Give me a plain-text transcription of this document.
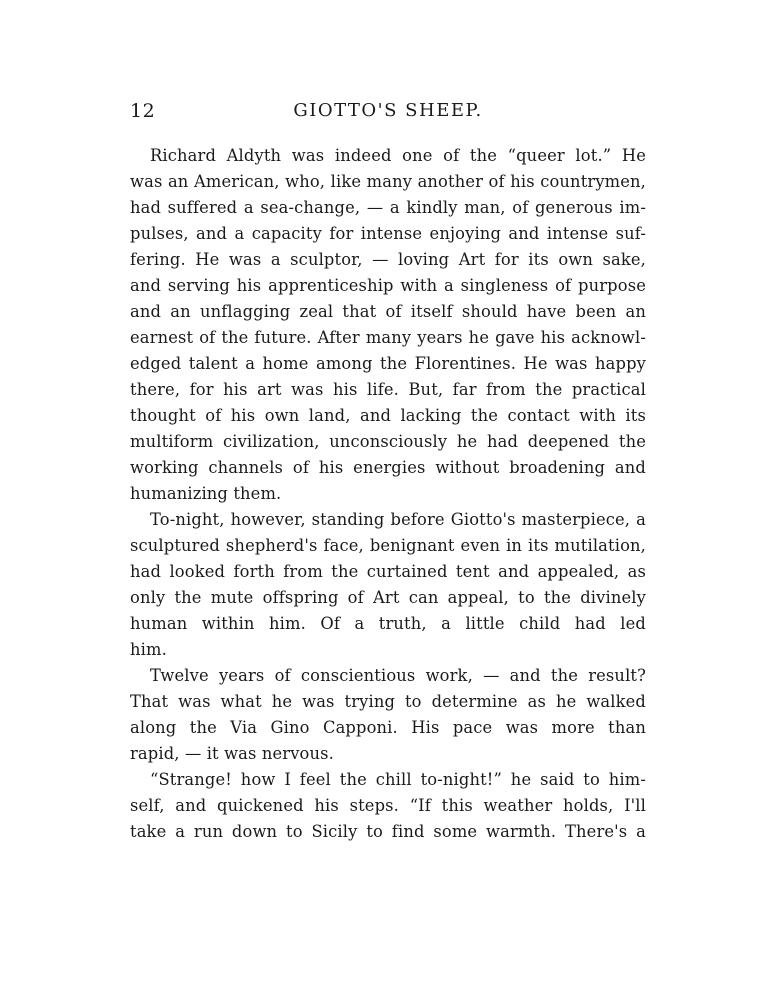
12	GIOTTO'S SHEEP.
Richard Aldyth was indeed one of the “queer lot.” He
was an American, who, like many another of his countrymen,
had suffered a sea-change, — a kindly man, of generous im-
pulses, and a capacity for intense enjoying and intense suf-
fering. He was a sculptor, — loving Art for its own sake,
and serving his apprenticeship with a singleness of purpose
and an unflagging zeal that of itself should have been an
earnest of the future. After many years he gave his acknowl-
edged talent a home among the Florentines. He was happy
there, for his art was his life. But, far from the practical
thought of his own land, and lacking the contact with its
multiform civilization, unconsciously he had deepened the
working channels of his energies without broadening and
humanizing them.
To-night, however, standing before Giotto's masterpiece, a
sculptured shepherd's face, benignant even in its mutilation,
had looked forth from the curtained tent and appealed, as
only the mute offspring of Art can appeal, to the divinely
human within him. Of a truth, a little child had led
him.
Twelve years of conscientious work, — and the result?
That was what he was trying to determine as he walked
along the Via Gino Capponi. His pace was more than
rapid, — it was nervous.
“Strange! how I feel the chill to-night!” he said to him-
self, and quickened his steps. “If this weather holds, I'll
take a run down to Sicily to find some warmth. There's a
